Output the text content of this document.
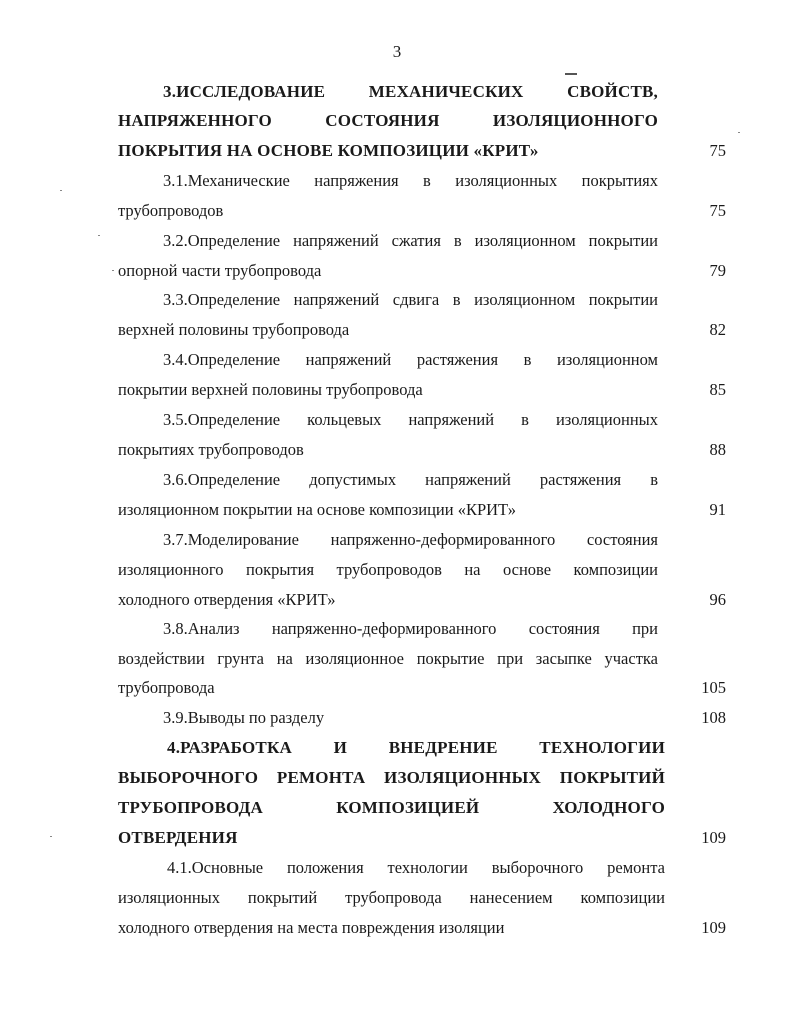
3
3.ИССЛЕДОВАНИЕ МЕХАНИЧЕСКИХ СВОЙСТВ,
НАПРЯЖЕННОГО СОСТОЯНИЯ ИЗОЛЯЦИОННОГО
ПОКРЫТИЯ НА ОСНОВЕ КОМПОЗИЦИИ «КРИТ»	75
3.1.Механические напряжения в изоляционных покрытиях
трубопроводов	75
3.2.Определение напряжений сжатия в изоляционном покрытии
опорной части трубопровода	79
3.3.Определение напряжений сдвига в изоляционном покрытии
верхней половины трубопровода	82
3.4.Определение напряжений растяжения в изоляционном
покрытии верхней половины трубопровода	85
3.5.Определение кольцевых напряжений в изоляционных
покрытиях трубопроводов	88
3.6.Определение допустимых напряжений растяжения в
изоляционном покрытии на основе композиции «КРИТ»	91
3.7.Моделирование напряженно-деформированного состояния
изоляционного покрытия трубопроводов на основе композиции
холодного отвердения «КРИТ»	96
3.8.Анализ напряженно-деформированного состояния при
воздействии грунта на изоляционное покрытие при засыпке участка
трубопровода	105
3.9.Выводы по разделу	108
4.РАЗРАБОТКА И ВНЕДРЕНИЕ ТЕХНОЛОГИИ
ВЫБОРОЧНОГО РЕМОНТА ИЗОЛЯЦИОННЫХ ПОКРЫТИЙ
ТРУБОПРОВОДА КОМПОЗИЦИЕЙ ХОЛОДНОГО
ОТВЕРДЕНИЯ	109
4.1.Основные положения технологии выборочного ремонта
изоляционных покрытий трубопровода нанесением композиции
холодного отвердения на места повреждения изоляции	109
